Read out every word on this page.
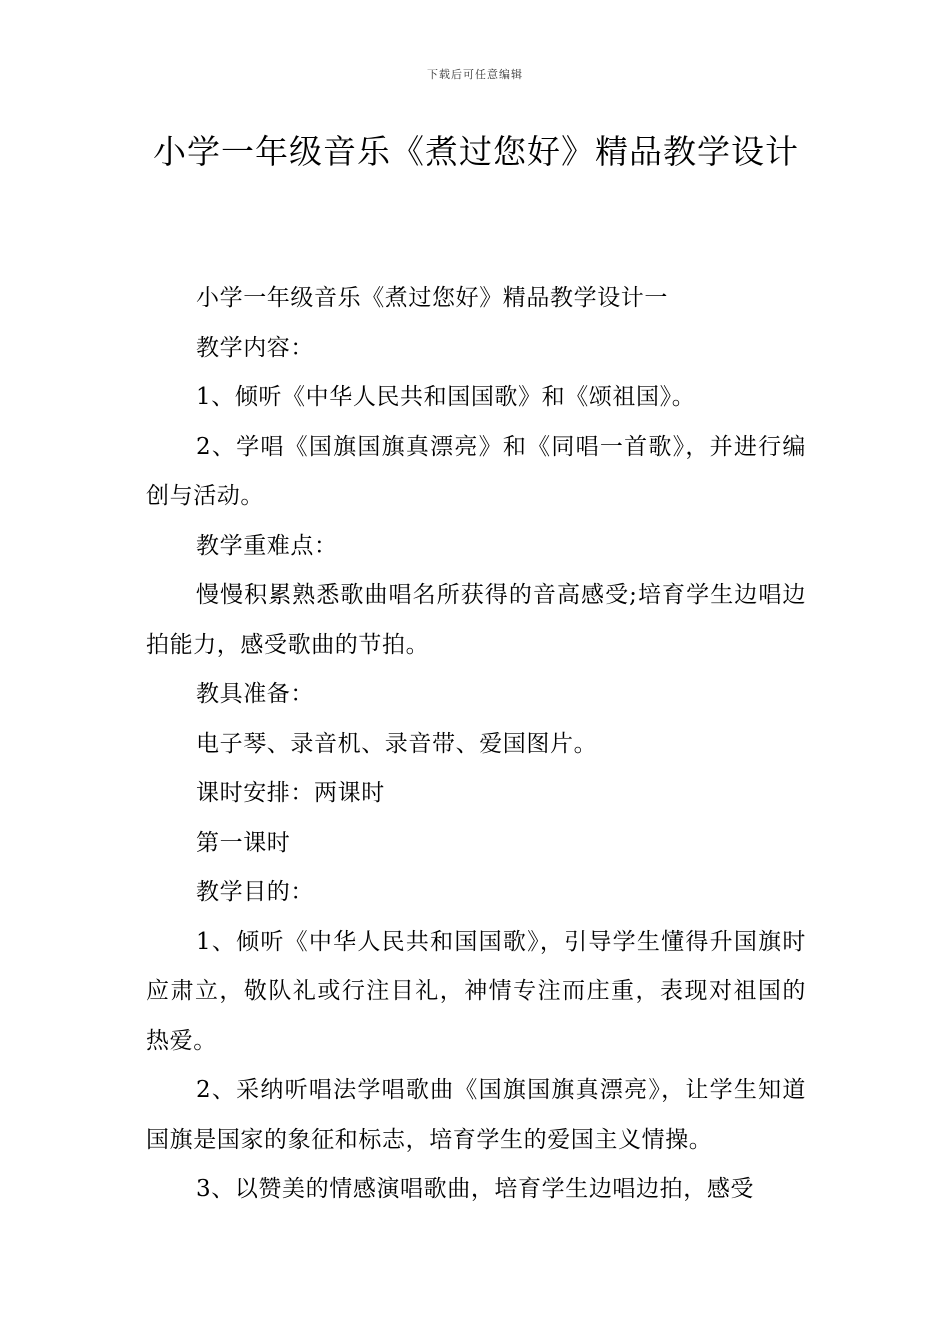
下载后可任意编辑
小学一年级音乐《煮过您好》精品教学设计

小学一年级音乐《煮过您好》精品教学设计一

教学内容：

1、倾听《中华人民共和国国歌》和《颂祖国》。

2、学唱《国旗国旗真漂亮》和《同唱一首歌》，并进行编创与活动。

教学重难点：

慢慢积累熟悉歌曲唱名所获得的音高感受;培育学生边唱边拍能力，感受歌曲的节拍。

教具准备：

电子琴、录音机、录音带、爱国图片。

课时安排：两课时

第一课时

教学目的：

1、倾听《中华人民共和国国歌》，引导学生懂得升国旗时应肃立，敬队礼或行注目礼，神情专注而庄重，表现对祖国的热爱。

2、采纳听唱法学唱歌曲《国旗国旗真漂亮》，让学生知道国旗是国家的象征和标志，培育学生的爱国主义情操。

3、以赞美的情感演唱歌曲，培育学生边唱边拍，感受
